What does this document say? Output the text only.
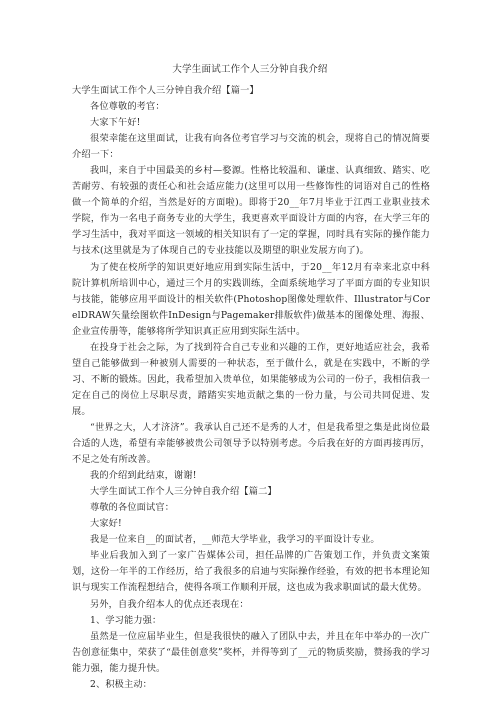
大学生面试工作个人三分钟自我介绍

大学生面试工作个人三分钟自我介绍【篇一】

各位尊敬的考官：

大家下午好!

很荣幸能在这里面试，让我有向各位考官学习与交流的机会，现将自己的情况简要介绍一下：

我叫，来自于中国最美的乡村—婺源。性格比较温和、谦虚、认真细致、踏实、吃苦耐劳、有较强的责任心和社会适应能力(这里可以用一些修饰性的词语对自己的性格做一个简单的介绍，当然是好的方面啦)。即将于20__年7月毕业于江西工业职业技术学院，作为一名电子商务专业的大学生，我更喜欢平面设计方面的内容，在大学三年的学习生活中，我对平面这一领域的相关知识有了一定的掌握，同时具有实际的操作能力与技术(这里就是为了体现自己的专业技能以及期望的职业发展方向了)。

为了使在校所学的知识更好地应用到实际生活中，于20__年12月有幸来北京中科院计算机所培训中心，通过三个月的实践训练，全面系统地学习了平面方面的专业知识与技能，能够应用平面设计的相关软件(Photoshop图像处理软件、Illustrator与CorelDRAW矢量绘图软件InDesign与Pagemaker排版软件)做基本的图像处理、海报、企业宣传册等，能够将所学知识真正应用到实际生活中。

在投身于社会之际，为了找到符合自己专业和兴趣的工作，更好地适应社会，我希望自己能够做到一种被别人需要的一种状态，至于做什么，就是在实践中，不断的学习、不断的锻炼。因此，我希望加入贵单位，如果能够成为公司的一份子，我相信我一定在自己的岗位上尽职尽责，踏踏实实地贡献之集的一份力量，与公司共同促进、发展。

“世界之大，人才济济”。我承认自己还不是秀的人才，但是我希望之集是此岗位最合适的人选，希望有幸能够被贵公司领导予以特别考虑。今后我在好的方面再接再厉，不足之处有所改善。

我的介绍到此结束，谢谢!

大学生面试工作个人三分钟自我介绍【篇二】

尊敬的各位面试官：

大家好!

我是一位来自__的面试者，__师范大学毕业，我学习的平面设计专业。

毕业后我加入到了一家广告媒体公司，担任品牌的广告策划工作，并负责文案策划，这份一年半的工作经历，给了我很多的启迪与实际操作经验，有效的把书本理论知识与现实工作流程想结合，使得各项工作顺利开展，这也成为我求职面试的最大优势。

另外，自我介绍本人的优点还表现在：

1、学习能力强：

虽然是一位应届毕业生，但是我很快的融入了团队中去，并且在年中举办的一次广告创意征集中，荣获了“最佳创意奖”奖杯，并得等到了__元的物质奖励，赞扬我的学习能力强，能力提升快。

2、积极主动：
